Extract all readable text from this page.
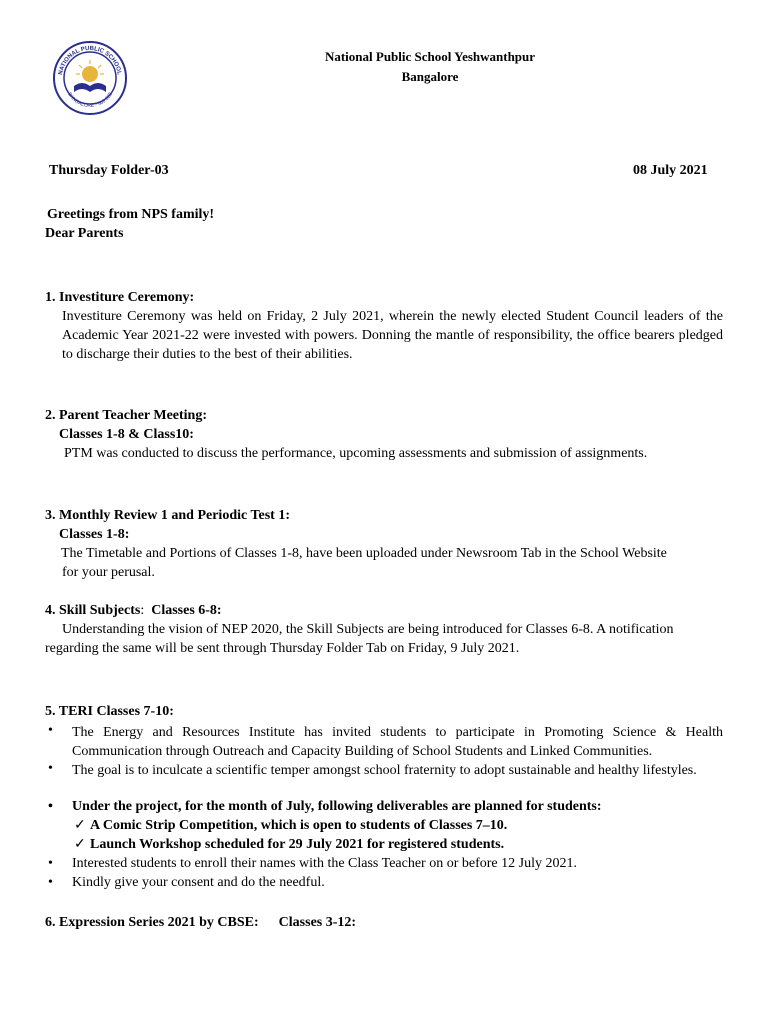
NATIONAL PUBLIC SCHOOL
BANGALORE - 560 022
National Public School Yeshwanthpur
Bangalore
Thursday Folder-03	08 July 2021
Greetings from NPS family!
Dear Parents
1. Investiture Ceremony:
Investiture Ceremony was held on Friday, 2 July 2021, wherein the newly elected Student Council leaders of the Academic Year 2021-22 were invested with powers. Donning the mantle of responsibility, the office bearers pledged to discharge their duties to the best of their abilities.
2. Parent Teacher Meeting:
Classes 1-8 & Class10:
PTM was conducted to discuss the performance, upcoming assessments and submission of assignments.
3. Monthly Review 1 and Periodic Test 1:
Classes 1-8:
The Timetable and Portions of Classes 1-8, have been uploaded under Newsroom Tab in the School Website
for your perusal.
4. Skill Subjects: Classes 6-8:
Understanding the vision of NEP 2020, the Skill Subjects are being introduced for Classes 6-8. A notification
regarding the same will be sent through Thursday Folder Tab on Friday, 9 July 2021.
5. TERI Classes 7-10:
• The Energy and Resources Institute has invited students to participate in Promoting Science & Health Communication through Outreach and Capacity Building of School Students and Linked Communities.
• The goal is to inculcate a scientific temper amongst school fraternity to adopt sustainable and healthy lifestyles.
• Under the project, for the month of July, following deliverables are planned for students:
✓ A Comic Strip Competition, which is open to students of Classes 7–10.
✓ Launch Workshop scheduled for 29 July 2021 for registered students.
• Interested students to enroll their names with the Class Teacher on or before 12 July 2021.
• Kindly give your consent and do the needful.
6. Expression Series 2021 by CBSE: Classes 3-12:
